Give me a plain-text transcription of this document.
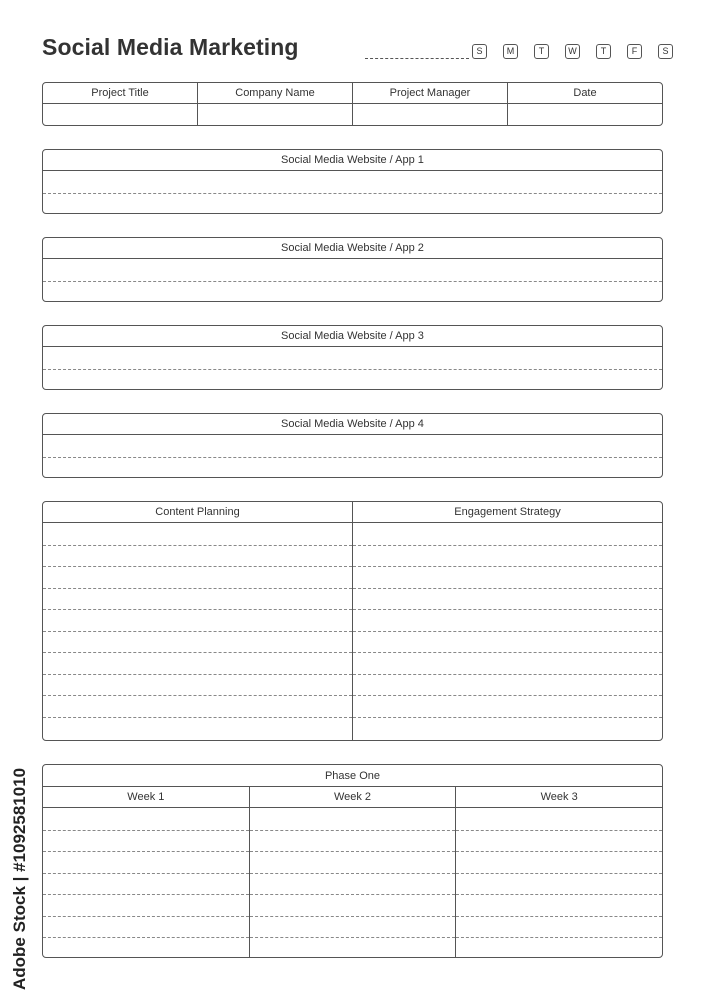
Social Media Marketing	S	M	T	W	T	F	S
Project Title	Company Name	Project Manager	Date
Social Media Website / App 1
Social Media Website / App 2
Social Media Website / App 3
Social Media Website / App 4
Content Planning	Engagement Strategy
Phase One
Week 1	Week 2	Week 3
Adobe Stock | #1092581010
